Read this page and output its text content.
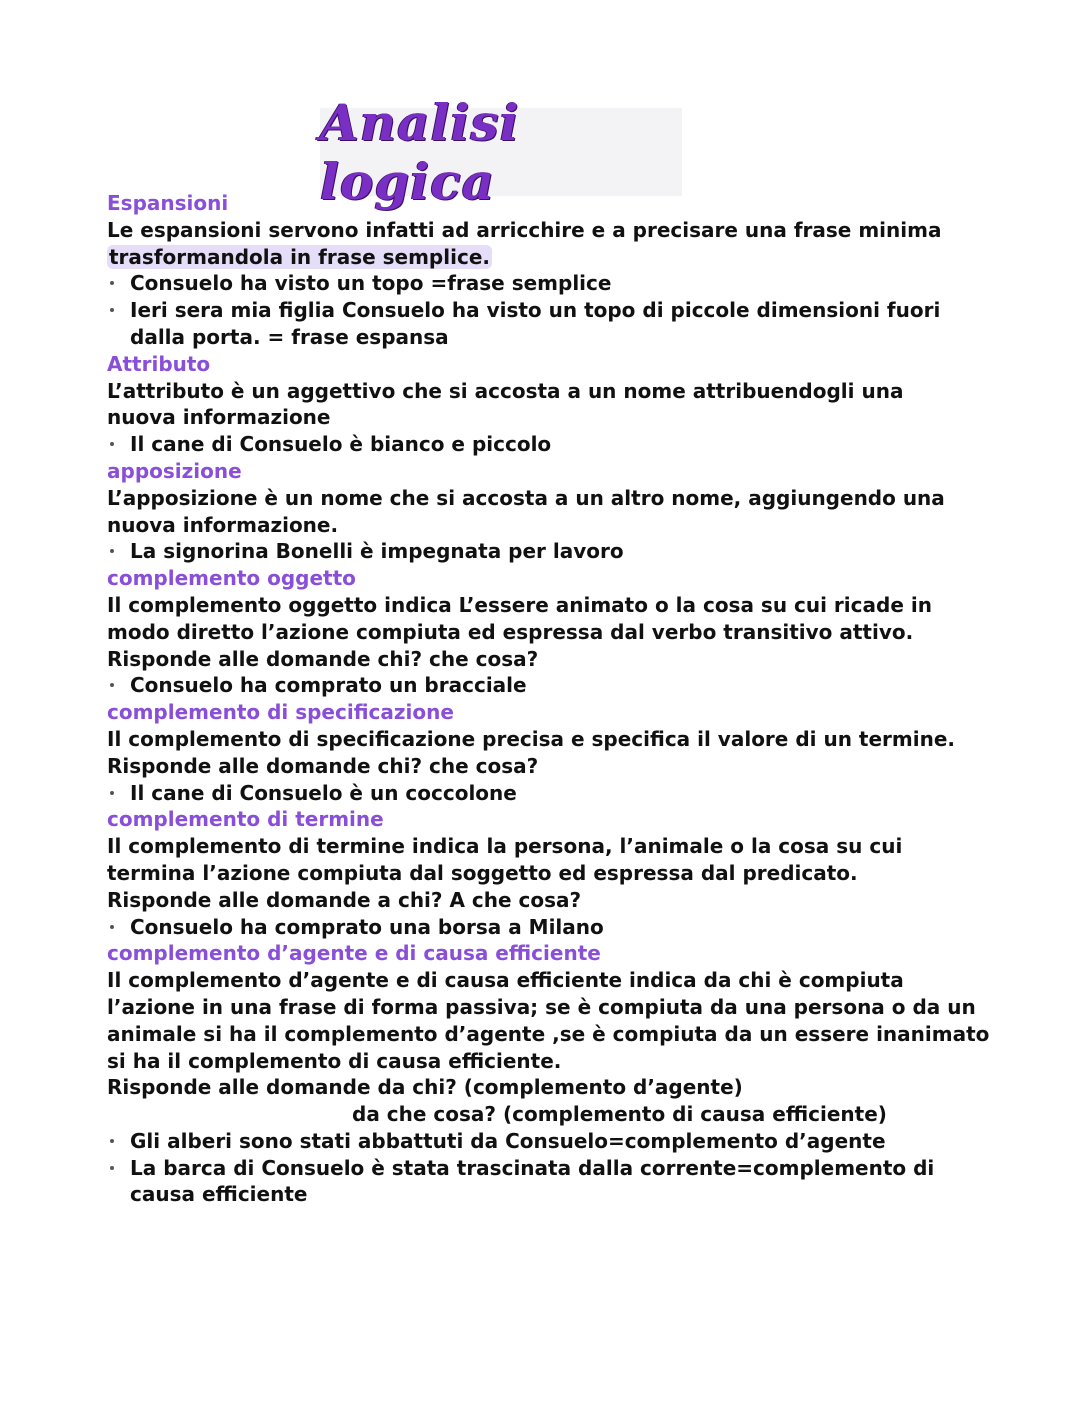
Analisi logica
Espansioni
Le espansioni servono infatti ad arricchire e a precisare una frase minima
trasformandola in frase semplice.
Consuelo ha visto un topo =frase semplice
Ieri sera mia figlia Consuelo ha visto un topo di piccole dimensioni fuori
dalla porta. = frase espansa
Attributo
L’attributo è un aggettivo che si accosta a un nome attribuendogli una
nuova informazione
Il cane di Consuelo è bianco e piccolo
apposizione
L’apposizione è un nome che si accosta a un altro nome, aggiungendo una
nuova informazione.
La signorina Bonelli è impegnata per lavoro
complemento oggetto
Il complemento oggetto indica L’essere animato o la cosa su cui ricade in
modo diretto l’azione compiuta ed espressa dal verbo transitivo attivo.
Risponde alle domande chi? che cosa?
Consuelo ha comprato un bracciale
complemento di specificazione
Il complemento di specificazione precisa e specifica il valore di un termine.
Risponde alle domande chi? che cosa?
Il cane di Consuelo è un coccolone
complemento di termine
Il complemento di termine indica la persona, l’animale o la cosa su cui
termina l’azione compiuta dal soggetto ed espressa dal predicato.
Risponde alle domande a chi? A che cosa?
Consuelo ha comprato una borsa a Milano
complemento d’agente e di causa efficiente
Il complemento d’agente e di causa efficiente indica da chi è compiuta
l’azione in una frase di forma passiva; se è compiuta da una persona o da un
animale si ha il complemento d’agente ,se è compiuta da un essere inanimato
si ha il complemento di causa efficiente.
Risponde alle domande da chi? (complemento d’agente)
da che cosa? (complemento di causa efficiente)
Gli alberi sono stati abbattuti da Consuelo=complemento d’agente
La barca di Consuelo è stata trascinata dalla corrente=complemento di
causa efficiente
